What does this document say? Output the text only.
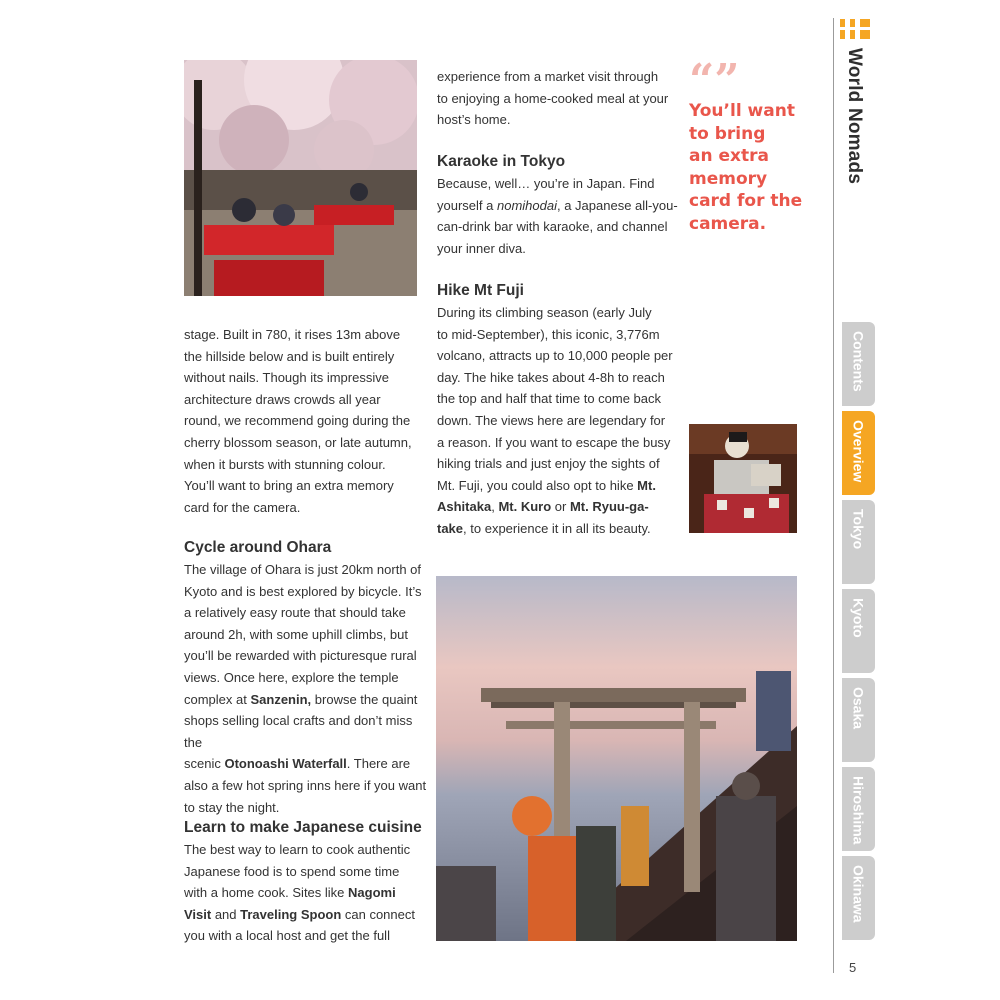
stage. Built in 780, it rises 13m above
the hillside below and is built entirely
without nails. Though its impressive
architecture draws crowds all year
round, we recommend going during the
cherry blossom season, or late autumn,
when it bursts with stunning colour.
You’ll want to bring an extra memory
card for the camera.
Cycle around Ohara
The village of Ohara is just 20km north of
Kyoto and is best explored by bicycle. It’s
a relatively easy route that should take
around 2h, with some uphill climbs, but
you’ll be rewarded with picturesque rural
views. Once here, explore the temple
complex at Sanzenin, browse the quaint
shops selling local crafts and don’t miss the
scenic Otonoashi Waterfall. There are
also a few hot spring inns here if you want
to stay the night.
Learn to make Japanese cuisine
The best way to learn to cook authentic
Japanese food is to spend some time
with a home cook. Sites like Nagomi
Visit and Traveling Spoon can connect
you with a local host and get the full
experience from a market visit through
to enjoying a home-cooked meal at your
host’s home.
Karaoke in Tokyo
Because, well… you’re in Japan. Find
yourself a nomihodai, a Japanese all-you-
can-drink bar with karaoke, and channel
your inner diva.
Hike Mt Fuji
During its climbing season (early July
to mid-September), this iconic, 3,776m
volcano, attracts up to 10,000 people per
day. The hike takes about 4-8h to reach
the top and half that time to come back
down. The views here are legendary for
a reason. If you want to escape the busy
hiking trials and just enjoy the sights of
Mt. Fuji, you could also opt to hike Mt.
Ashitaka, Mt. Kuro or Mt. Ryuu-ga-
take, to experience it in all its beauty.
“”
You’ll want
to bring
an extra
memory
card for the
camera.
World Nomads
Contents
Overview
Tokyo
Kyoto
Osaka
Hiroshima
Okinawa
5
